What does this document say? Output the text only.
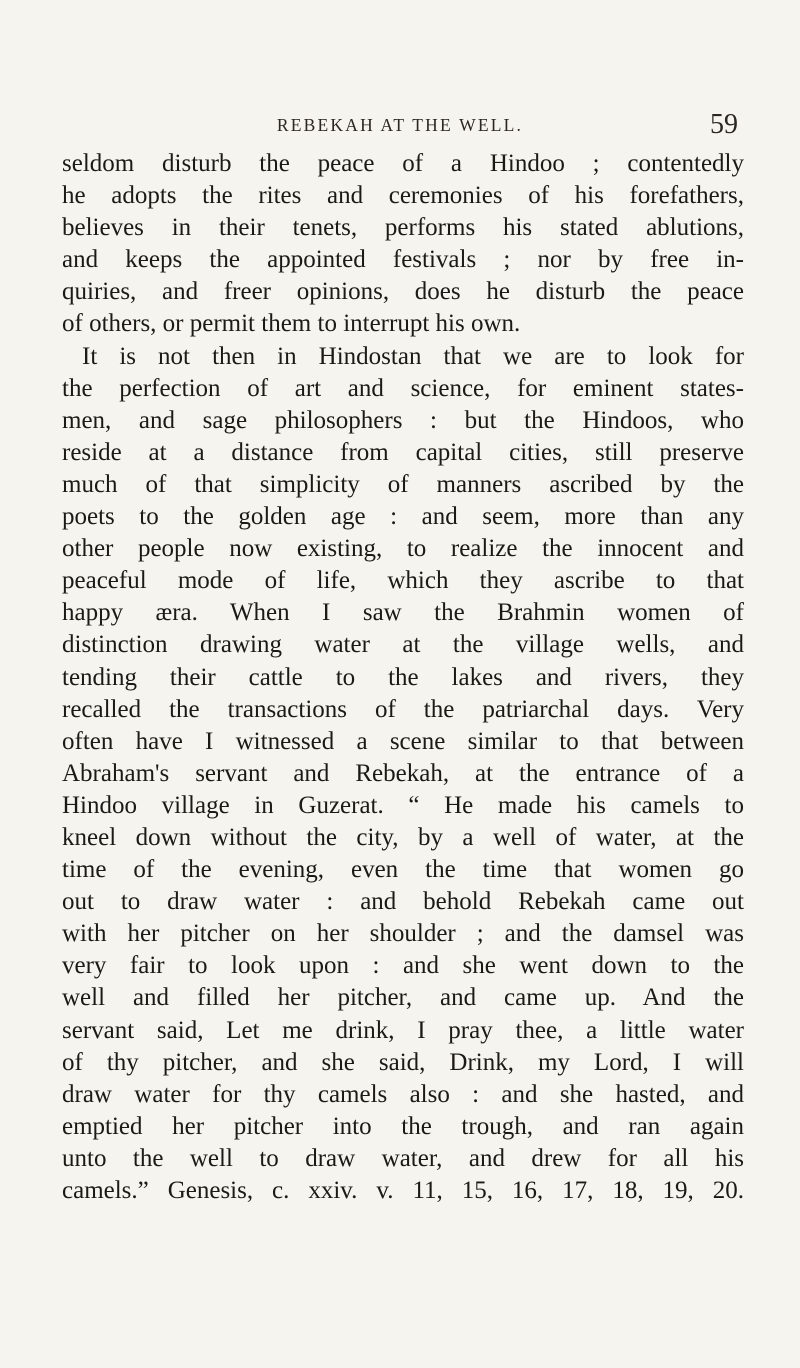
REBEKAH AT THE WELL.	59
seldom disturb the peace of a Hindoo ; contentedly
he adopts the rites and ceremonies of his forefathers,
believes in their tenets, performs his stated ablutions,
and keeps the appointed festivals ; nor by free in-
quiries, and freer opinions, does he disturb the peace
of others, or permit them to interrupt his own.
It is not then in Hindostan that we are to look for
the perfection of art and science, for eminent states-
men, and sage philosophers : but the Hindoos, who
reside at a distance from capital cities, still preserve
much of that simplicity of manners ascribed by the
poets to the golden age : and seem, more than any
other people now existing, to realize the innocent and
peaceful mode of life, which they ascribe to that
happy æra. When I saw the Brahmin women of
distinction drawing water at the village wells, and
tending their cattle to the lakes and rivers, they
recalled the transactions of the patriarchal days. Very
often have I witnessed a scene similar to that between
Abraham's servant and Rebekah, at the entrance of a
Hindoo village in Guzerat. “ He made his camels to
kneel down without the city, by a well of water, at the
time of the evening, even the time that women go
out to draw water : and behold Rebekah came out
with her pitcher on her shoulder ; and the damsel was
very fair to look upon : and she went down to the
well and filled her pitcher, and came up. And the
servant said, Let me drink, I pray thee, a little water
of thy pitcher, and she said, Drink, my Lord, I will
draw water for thy camels also : and she hasted, and
emptied her pitcher into the trough, and ran again
unto the well to draw water, and drew for all his
camels.” Genesis, c. xxiv. v. 11, 15, 16, 17, 18, 19, 20.
